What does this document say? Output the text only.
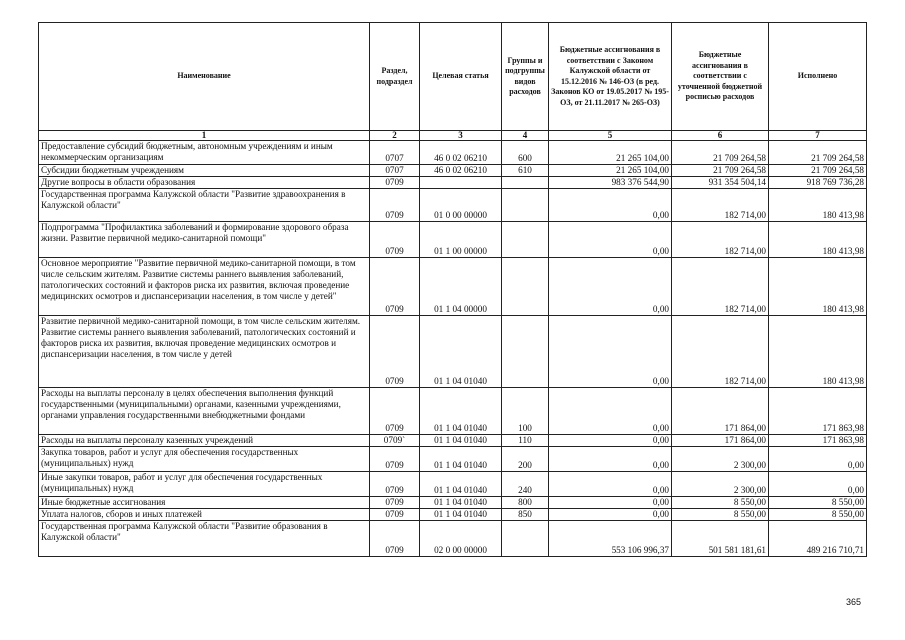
Наименование	Раздел, подраздел	Целевая статья	Группы и подгруппы видов расходов	Бюджетные ассигнования в соответствии с Законом Калужской области от 15.12.2016 № 146-ОЗ (в ред. Законов КО от 19.05.2017 № 195-ОЗ, от 21.11.2017 № 265-ОЗ)	Бюджетные ассигнования в соответствии с уточненной бюджетной росписью расходов	Исполнено
1	2	3	4	5	6	7
Предоставление субсидий бюджетным, автономным учреждениям и иным некоммерческим организациям	0707	46 0 02 06210	600	21 265 104,00	21 709 264,58	21 709 264,58
Субсидии бюджетным учреждениям	0707	46 0 02 06210	610	21 265 104,00	21 709 264,58	21 709 264,58
Другие вопросы в области образования	0709			983 376 544,90	931 354 504,14	918 769 736,28
Государственная программа Калужской области "Развитие здравоохранения в Калужской области"	0709	01 0 00 00000		0,00	182 714,00	180 413,98
Подпрограмма "Профилактика заболеваний и формирование здорового образа жизни. Развитие первичной медико-санитарной помощи"	0709	01 1 00 00000		0,00	182 714,00	180 413,98
Основное мероприятие "Развитие первичной медико-санитарной помощи, в том числе сельским жителям. Развитие системы раннего выявления заболеваний, патологических состояний и факторов риска их развития, включая проведение медицинских осмотров и диспансеризации населения, в том числе у детей"	0709	01 1 04 00000		0,00	182 714,00	180 413,98
Развитие первичной медико-санитарной помощи, в том числе сельским жителям. Развитие системы раннего выявления заболеваний, патологических состояний и факторов риска их развития, включая проведение медицинских осмотров и диспансеризации населения, в том числе у детей	0709	01 1 04 01040		0,00	182 714,00	180 413,98
Расходы на выплаты персоналу в целях обеспечения выполнения функций государственными (муниципальными) органами, казенными учреждениями, органами управления государственными внебюджетными фондами	0709	01 1 04 01040	100	0,00	171 864,00	171 863,98
Расходы на выплаты персоналу казенных учреждений	0709`	01 1 04 01040	110	0,00	171 864,00	171 863,98
Закупка товаров, работ и услуг для обеспечения государственных (муниципальных) нужд	0709	01 1 04 01040	200	0,00	2 300,00	0,00
Иные закупки товаров, работ и услуг для обеспечения государственных (муниципальных) нужд	0709	01 1 04 01040	240	0,00	2 300,00	0,00
Иные бюджетные ассигнования	0709	01 1 04 01040	800	0,00	8 550,00	8 550,00
Уплата налогов, сборов и иных платежей	0709	01 1 04 01040	850	0,00	8 550,00	8 550,00
Государственная программа Калужской области "Развитие образования в Калужской области"	0709	02 0 00 00000		553 106 996,37	501 581 181,61	489 216 710,71
365
